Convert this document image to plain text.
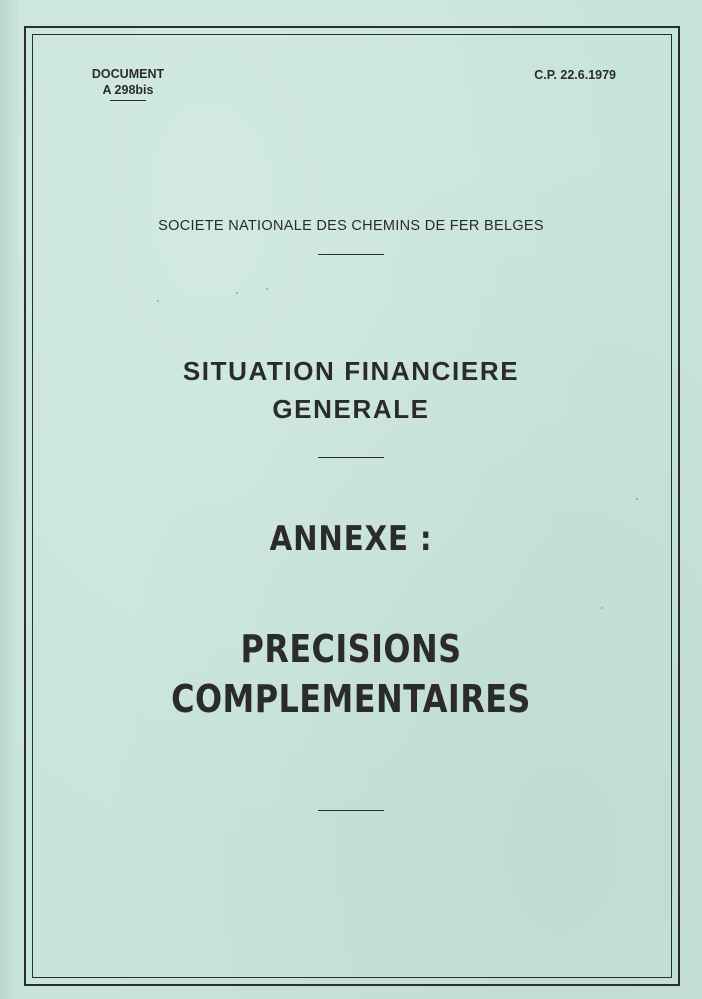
DOCUMENT
A 298bis
C.P. 22.6.1979
SOCIETE NATIONALE DES CHEMINS DE FER BELGES
SITUATION FINANCIERE
GENERALE
ANNEXE :
PRECISIONS
COMPLEMENTAIRES
